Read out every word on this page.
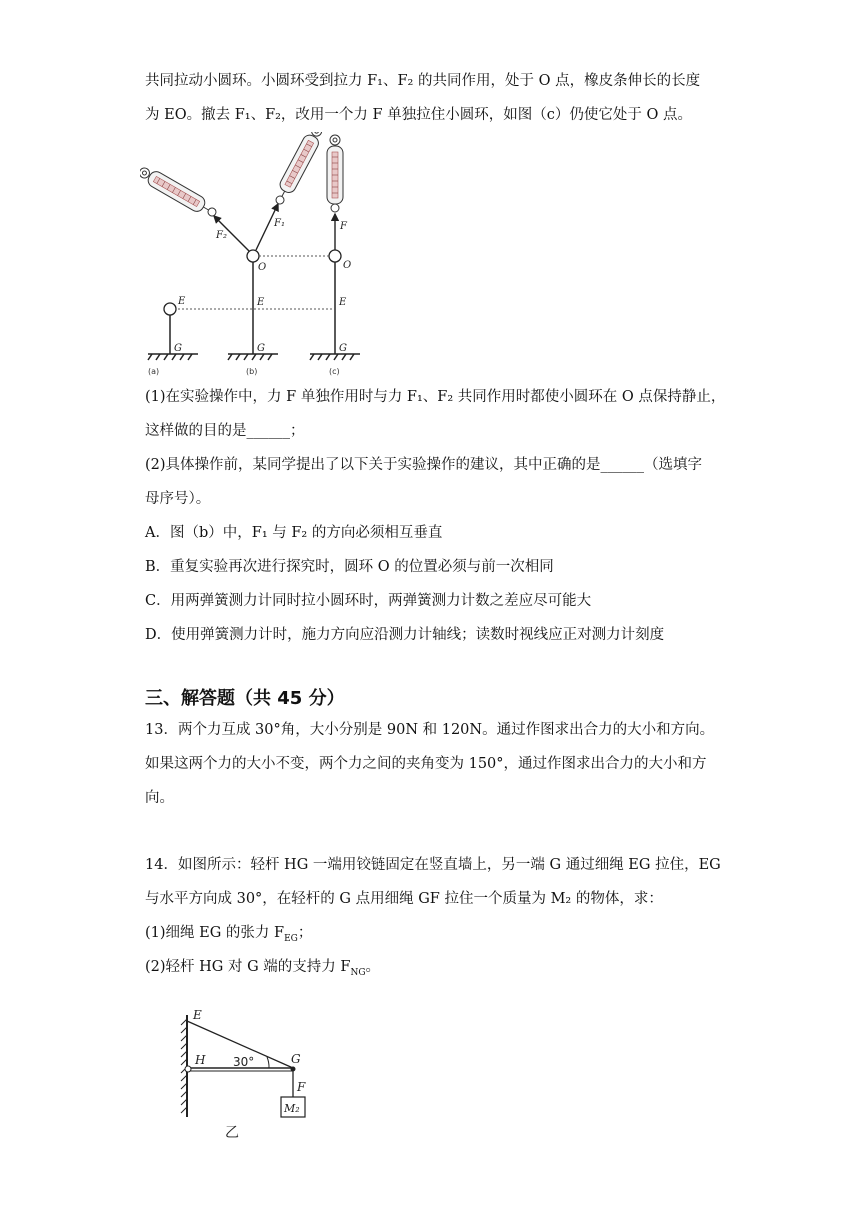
共同拉动小圆环。小圆环受到拉力 F₁、F₂ 的共同作用，处于 O 点，橡皮条伸长的长度
为 EO。撤去 F₁、F₂，改用一个力 F 单独拉住小圆环，如图（c）仍使它处于 O 点。
E
G
O
E
G
O
E
G
F₂
F₁	F
(a)	(b)	(c)
(1)在实验操作中，力 F 单独作用时与力 F₁、F₂ 共同作用时都使小圆环在 O 点保持静止，
这样做的目的是______；
(2)具体操作前，某同学提出了以下关于实验操作的建议，其中正确的是______（选填字
母序号）。
A．图（b）中，F₁ 与 F₂ 的方向必须相互垂直
B．重复实验再次进行探究时，圆环 O 的位置必须与前一次相同
C．用两弹簧测力计同时拉小圆环时，两弹簧测力计数之差应尽可能大
D．使用弹簧测力计时，施力方向应沿测力计轴线；读数时视线应正对测力计刻度
三、解答题（共 45 分）
13．两个力互成 30°角，大小分别是 90N 和 120N。通过作图求出合力的大小和方向。
如果这两个力的大小不变，两个力之间的夹角变为 150°，通过作图求出合力的大小和方
向。
14．如图所示：轻杆 HG 一端用铰链固定在竖直墙上，另一端 G 通过细绳 EG 拉住，EG
与水平方向成 30°，在轻杆的 G 点用细绳 GF 拉住一个质量为 M₂ 的物体，求：
(1)细绳 EG 的张力 $F_{EG}$；
(2)轻杆 HG 对 G 端的支持力 $F_{NG}$。
E
H	G
F
30°
M₂
乙
